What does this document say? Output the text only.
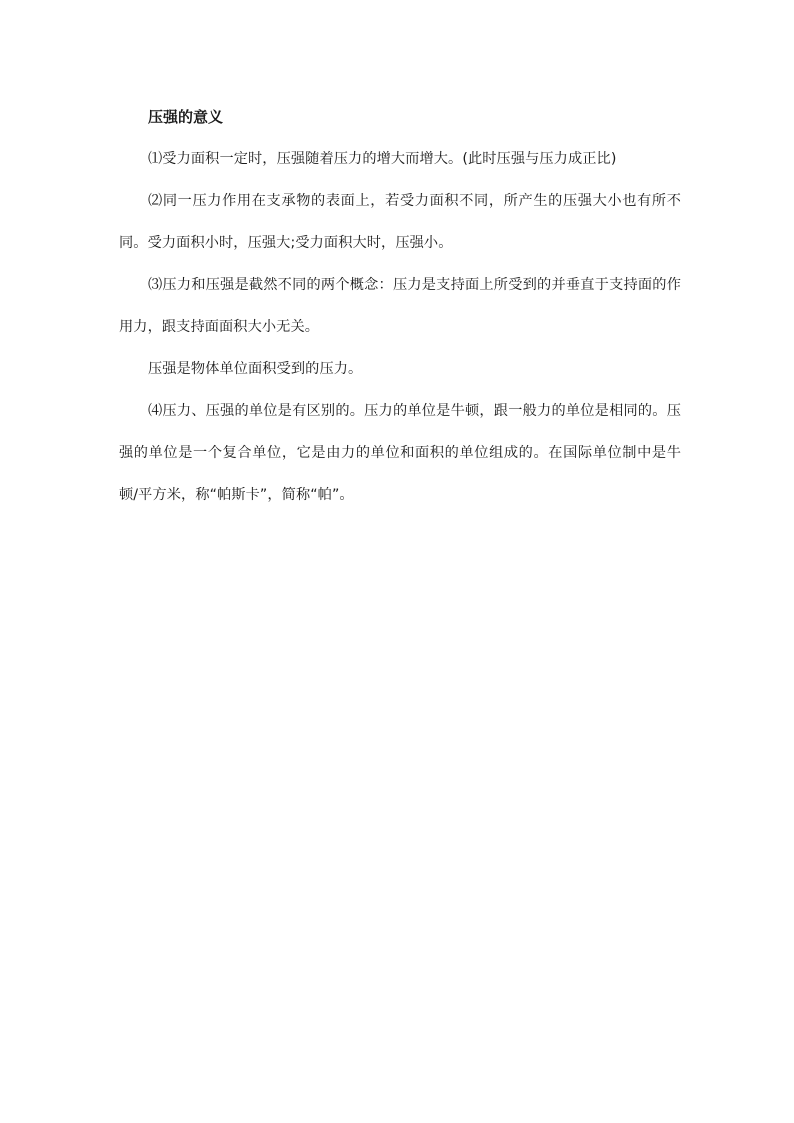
压强的意义

⑴受力面积一定时，压强随着压力的增大而增大。(此时压强与压力成正比)

⑵同一压力作用在支承物的表面上，若受力面积不同，所产生的压强大小也有所不同。受力面积小时，压强大;受力面积大时，压强小。

⑶压力和压强是截然不同的两个概念：压力是支持面上所受到的并垂直于支持面的作用力，跟支持面面积大小无关。

压强是物体单位面积受到的压力。

⑷压力、压强的单位是有区别的。压力的单位是牛顿，跟一般力的单位是相同的。压强的单位是一个复合单位，它是由力的单位和面积的单位组成的。在国际单位制中是牛顿/平方米，称“帕斯卡”，简称“帕”。
